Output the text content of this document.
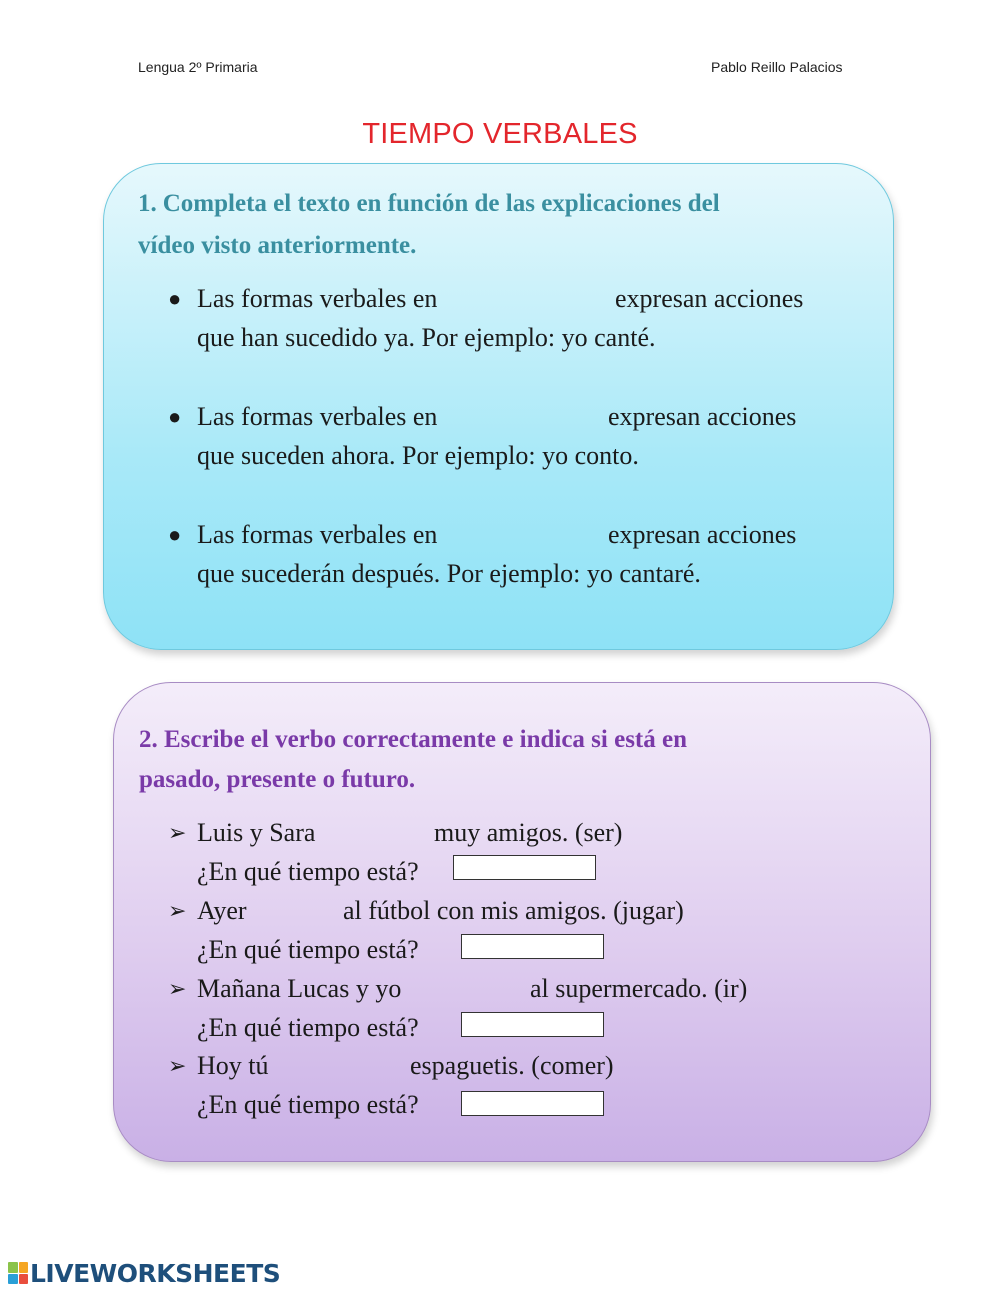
Lengua 2º Primaria	Pablo Reillo Palacios
TIEMPO VERBALES
1. Completa el texto en función de las explicaciones del
vídeo visto anteriormente.
● Las formas verbales en	expresan acciones
que han sucedido ya. Por ejemplo: yo canté.
● Las formas verbales en	expresan acciones
que suceden ahora. Por ejemplo: yo conto.
● Las formas verbales en	expresan acciones
que sucederán después. Por ejemplo: yo cantaré.
2. Escribe el verbo correctamente e indica si está en
pasado, presente o futuro.
➢ Luis y Sara	muy amigos. (ser)
¿En qué tiempo está?
➢ Ayer	al fútbol con mis amigos. (jugar)
¿En qué tiempo está?
➢ Mañana Lucas y yo	al supermercado. (ir)
¿En qué tiempo está?
➢ Hoy tú	espaguetis. (comer)
¿En qué tiempo está?
LIVEWORKSHEETS
